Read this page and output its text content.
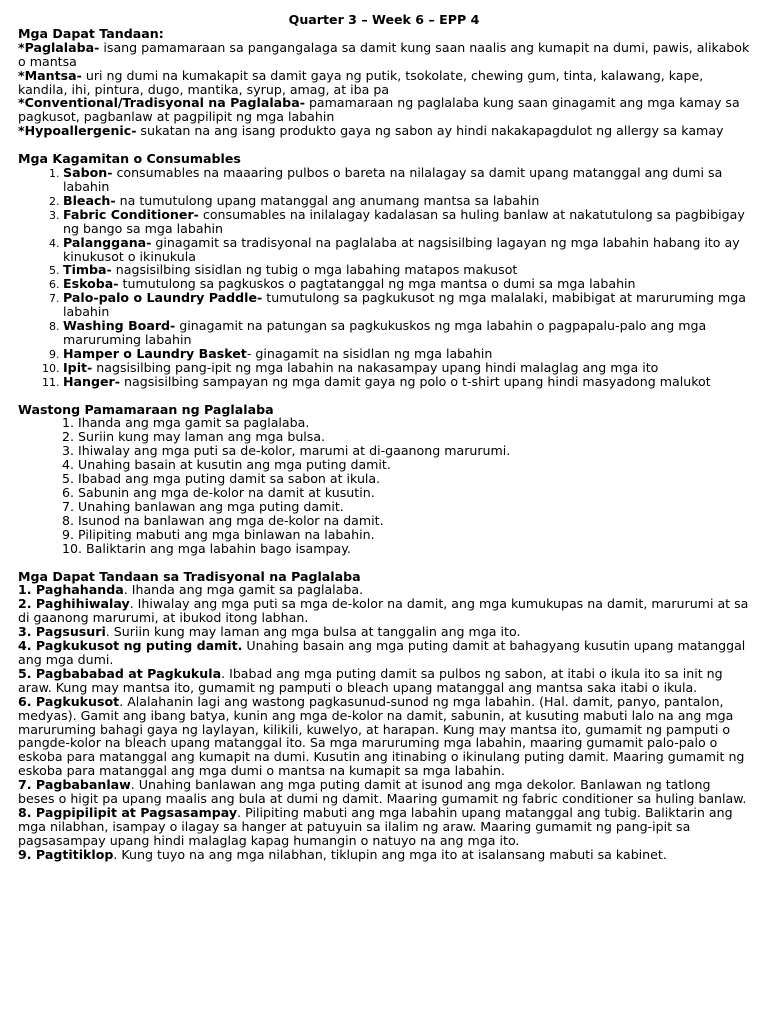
Quarter 3 – Week 6 – EPP 4
Mga Dapat Tandaan:

*Paglalaba- isang pamamaraan sa pangangalaga sa damit kung saan naalis ang kumapit na dumi, pawis, alikabok o mantsa

*Mantsa- uri ng dumi na kumakapit sa damit gaya ng putik, tsokolate, chewing gum, tinta, kalawang, kape, kandila, ihi, pintura, dugo, mantika, syrup, amag, at iba pa

*Conventional/Tradisyonal na Paglalaba- pamamaraan ng paglalaba kung saan ginagamit ang mga kamay sa pagkusot, pagbanlaw at pagpilipit ng mga labahin

*Hypoallergenic- sukatan na ang isang produkto gaya ng sabon ay hindi nakakapagdulot ng allergy sa kamay

Mga Kagamitan o Consumables
1. Sabon- consumables na maaaring pulbos o bareta na nilalagay sa damit upang matanggal ang dumi sa labahin
2. Bleach- na tumutulong upang matanggal ang anumang mantsa sa labahin
3. Fabric Conditioner- consumables na inilalagay kadalasan sa huling banlaw at nakatutulong sa pagbibigay ng bango sa mga labahin
4. Palanggana- ginagamit sa tradisyonal na paglalaba at nagsisilbing lagayan ng mga labahin habang ito ay kinukusot o ikinukula
5. Timba- nagsisilbing sisidlan ng tubig o mga labahing matapos makusot
6. Eskoba- tumutulong sa pagkuskos o pagtatanggal ng mga mantsa o dumi sa mga labahin
7. Palo-palo o Laundry Paddle- tumutulong sa pagkukusot ng mga malalaki, mabibigat at maruruming mga labahin
8. Washing Board- ginagamit na patungan sa pagkukuskos ng mga labahin o pagpapalu-palo ang mga maruruming labahin
9. Hamper o Laundry Basket- ginagamit na sisidlan ng mga labahin
10. Ipit- nagsisilbing pang-ipit ng mga labahin na nakasampay upang hindi malaglag ang mga ito
11. Hanger- nagsisilbing sampayan ng mga damit gaya ng polo o t-shirt upang hindi masyadong malukot
Wastong Pamamaraan ng Paglalaba
1. Ihanda ang mga gamit sa paglalaba.
2. Suriin kung may laman ang mga bulsa.
3. Ihiwalay ang mga puti sa de-kolor, marumi at di-gaanong marurumi.
4. Unahing basain at kusutin ang mga puting damit.
5. Ibabad ang mga puting damit sa sabon at ikula.
6. Sabunin ang mga de-kolor na damit at kusutin.
7. Unahing banlawan ang mga puting damit.
8. Isunod na banlawan ang mga de-kolor na damit.
9. Pilipiting mabuti ang mga binlawan na labahin.
10. Baliktarin ang mga labahin bago isampay.
Mga Dapat Tandaan sa Tradisyonal na Paglalaba

1. Paghahanda. Ihanda ang mga gamit sa paglalaba.

2. Paghihiwalay. Ihiwalay ang mga puti sa mga de-kolor na damit, ang mga kumukupas na damit, marurumi at sa di gaanong marurumi, at ibukod itong labhan.

3. Pagsusuri. Suriin kung may laman ang mga bulsa at tanggalin ang mga ito.

4. Pagkukusot ng puting damit. Unahing basain ang mga puting damit at bahagyang kusutin upang matanggal ang mga dumi.

5. Pagbababad at Pagkukula. Ibabad ang mga puting damit sa pulbos ng sabon, at itabi o ikula ito sa init ng araw. Kung may mantsa ito, gumamit ng pamputi o bleach upang matanggal ang mantsa saka itabi o ikula.

6. Pagkukusot. Alalahanin lagi ang wastong pagkasunud-sunod ng mga labahin. (Hal. damit, panyo, pantalon, medyas). Gamit ang ibang batya, kunin ang mga de-kolor na damit, sabunin, at kusuting mabuti lalo na ang mga maruruming bahagi gaya ng laylayan, kilikili, kuwelyo, at harapan. Kung may mantsa ito, gumamit ng pamputi o pangde-kolor na bleach upang matanggal ito. Sa mga maruruming mga labahin, maaring gumamit palo-palo o eskoba para matanggal ang kumapit na dumi. Kusutin ang itinabing o ikinulang puting damit. Maaring gumamit ng eskoba para matanggal ang mga dumi o mantsa na kumapit sa mga labahin.

7. Pagbabanlaw. Unahing banlawan ang mga puting damit at isunod ang mga dekolor. Banlawan ng tatlong beses o higit pa upang maalis ang bula at dumi ng damit. Maaring gumamit ng fabric conditioner sa huling banlaw.

8. Pagpipilipit at Pagsasampay. Pilipiting mabuti ang mga labahin upang matanggal ang tubig. Baliktarin ang mga nilabhan, isampay o ilagay sa hanger at patuyuin sa ilalim ng araw. Maaring gumamit ng pang-ipit sa pagsasampay upang hindi malaglag kapag humangin o natuyo na ang mga ito.

9. Pagtitiklop. Kung tuyo na ang mga nilabhan, tiklupin ang mga ito at isalansang mabuti sa kabinet.
